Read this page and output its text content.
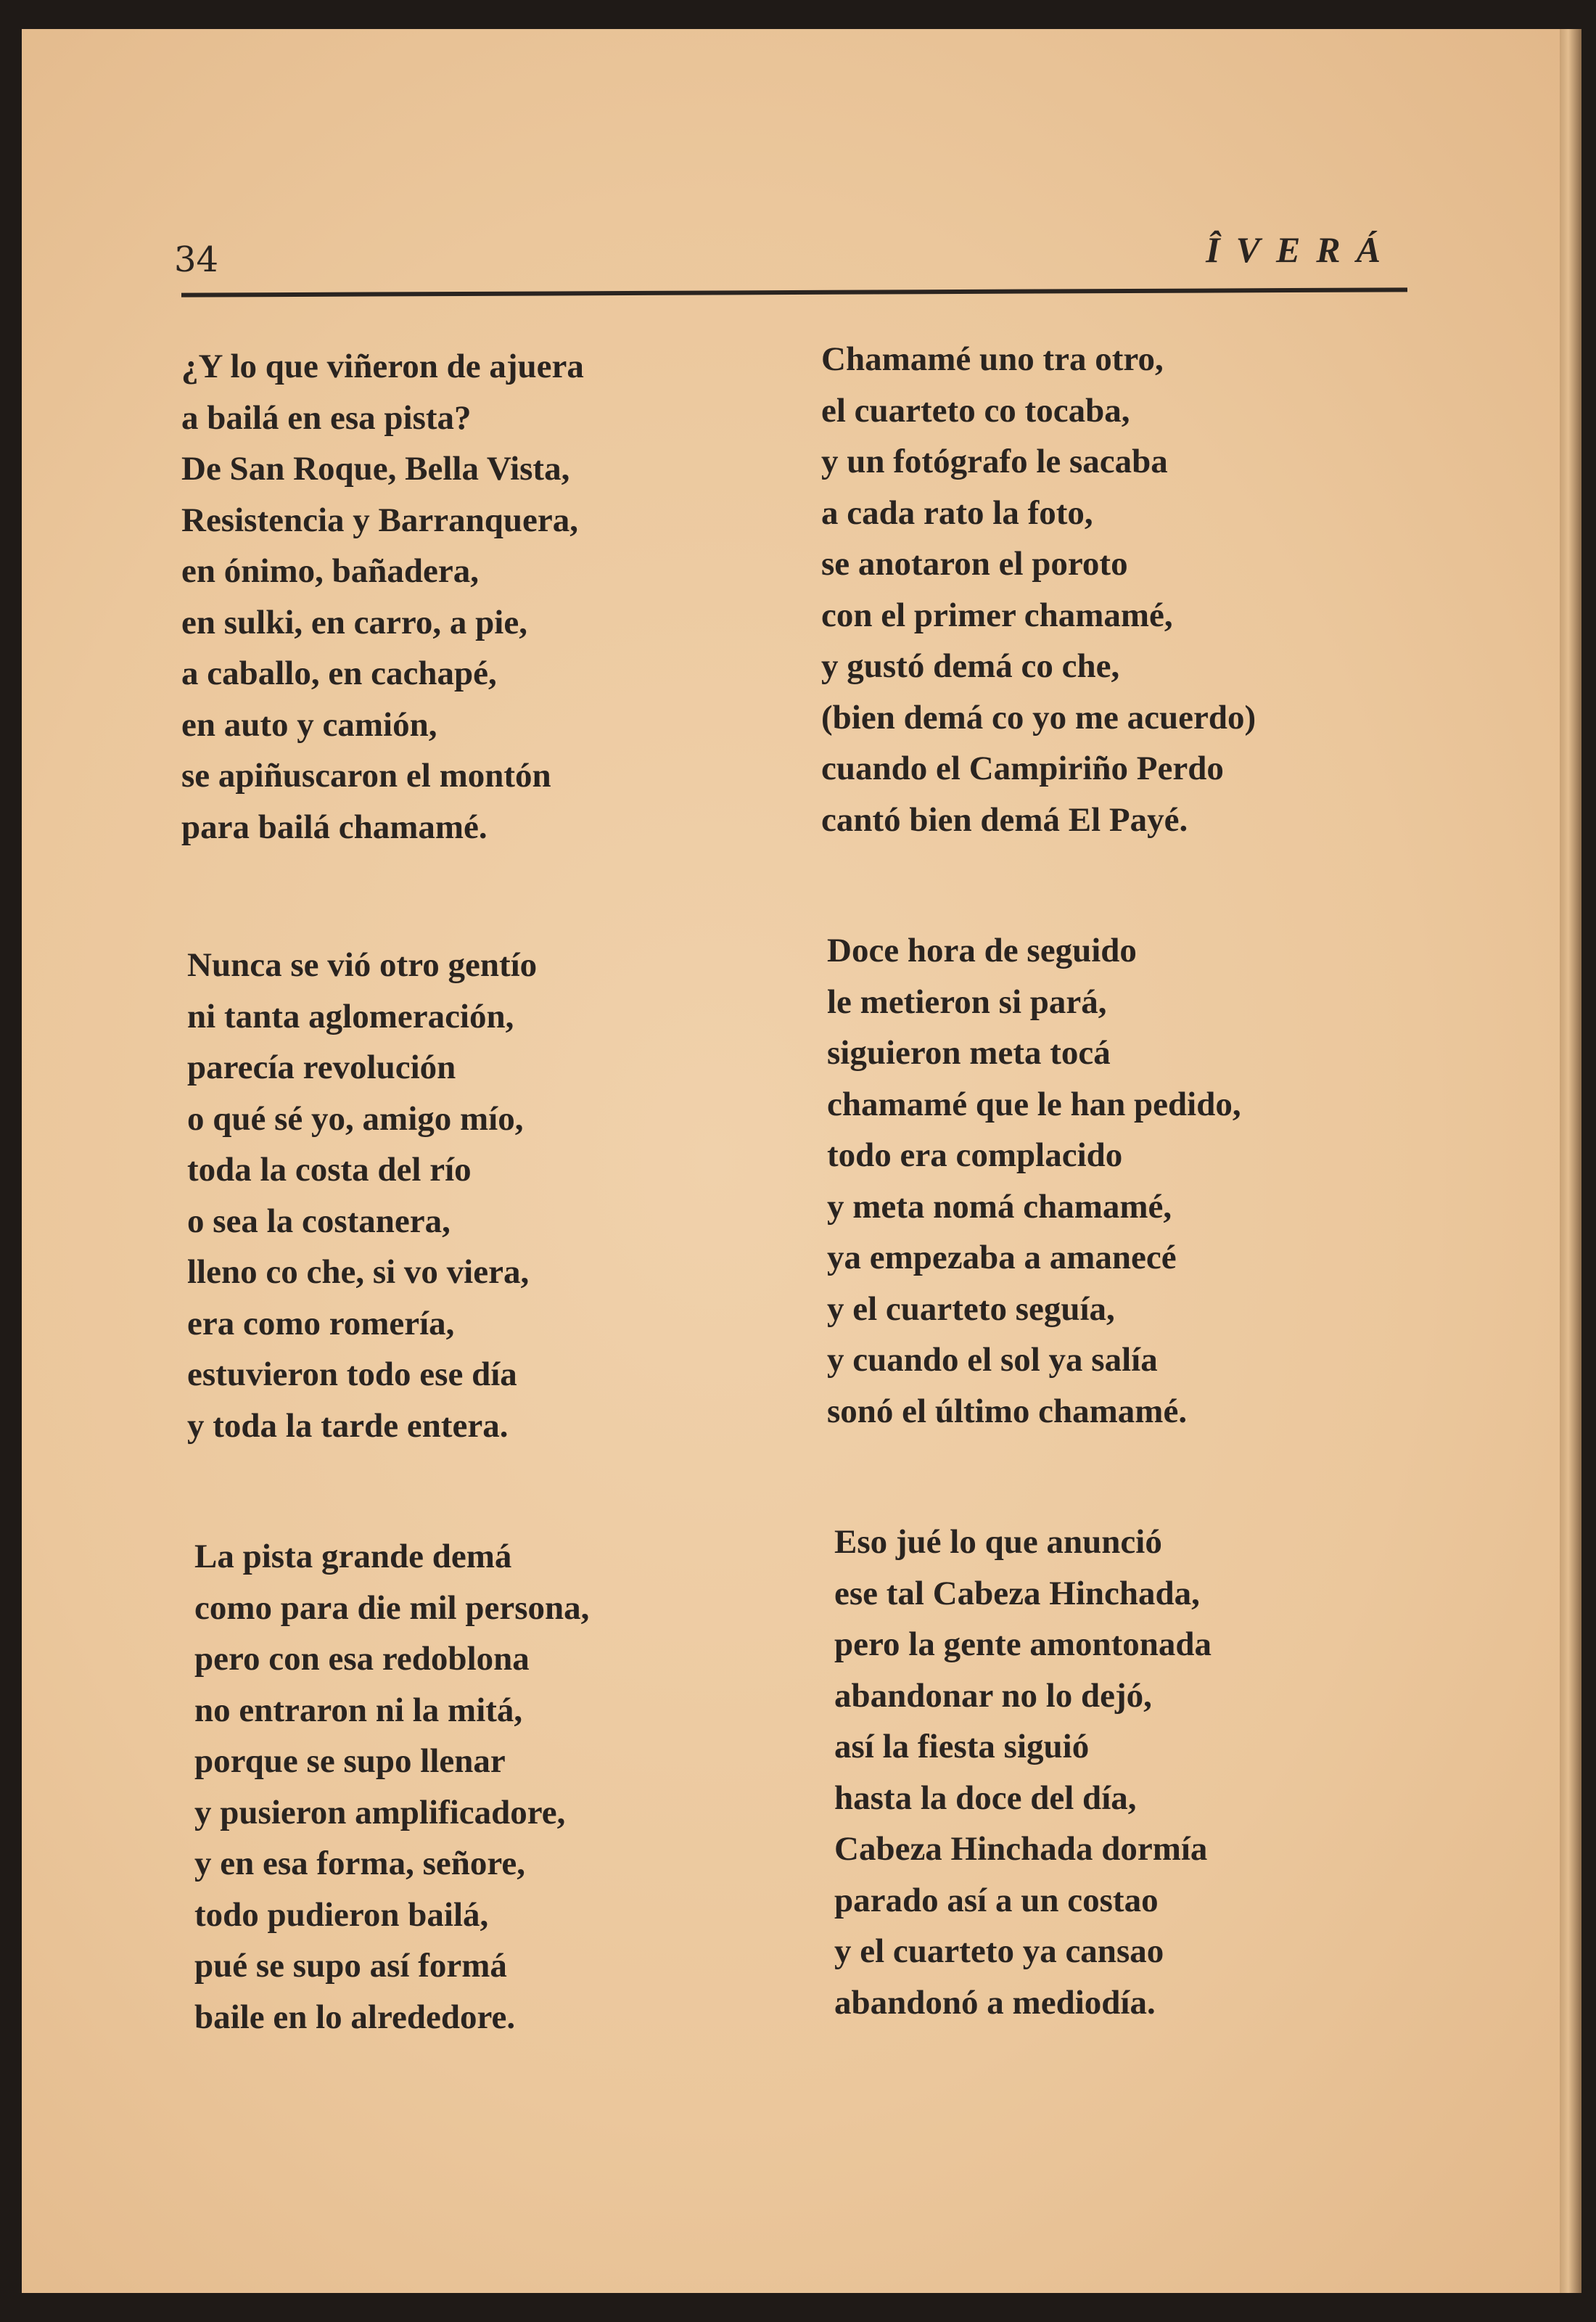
34	ÎVERÁ
¿Y lo que viñeron de ajuera
a bailá en esa pista?
De San Roque, Bella Vista,
Resistencia y Barranquera,
en ónimo, bañadera,
en sulki, en carro, a pie,
a caballo, en cachapé,
en auto y camión,
se apiñuscaron el montón
para bailá chamamé.
Nunca se vió otro gentío
ni tanta aglomeración,
parecía revolución
o qué sé yo, amigo mío,
toda la costa del río
o sea la costanera,
lleno co che, si vo viera,
era como romería,
estuvieron todo ese día
y toda la tarde entera.
La pista grande demá
como para die mil persona,
pero con esa redoblona
no entraron ni la mitá,
porque se supo llenar
y pusieron amplificadore,
y en esa forma, señore,
todo pudieron bailá,
pué se supo así formá
baile en lo alrededore.
Chamamé uno tra otro,
el cuarteto co tocaba,
y un fotógrafo le sacaba
a cada rato la foto,
se anotaron el poroto
con el primer chamamé,
y gustó demá co che,
(bien demá co yo me acuerdo)
cuando el Campiriño Perdo
cantó bien demá El Payé.
Doce hora de seguido
le metieron si pará,
siguieron meta tocá
chamamé que le han pedido,
todo era complacido
y meta nomá chamamé,
ya empezaba a amanecé
y el cuarteto seguía,
y cuando el sol ya salía
sonó el último chamamé.
Eso jué lo que anunció
ese tal Cabeza Hinchada,
pero la gente amontonada
abandonar no lo dejó,
así la fiesta siguió
hasta la doce del día,
Cabeza Hinchada dormía
parado así a un costao
y el cuarteto ya cansao
abandonó a mediodía.
